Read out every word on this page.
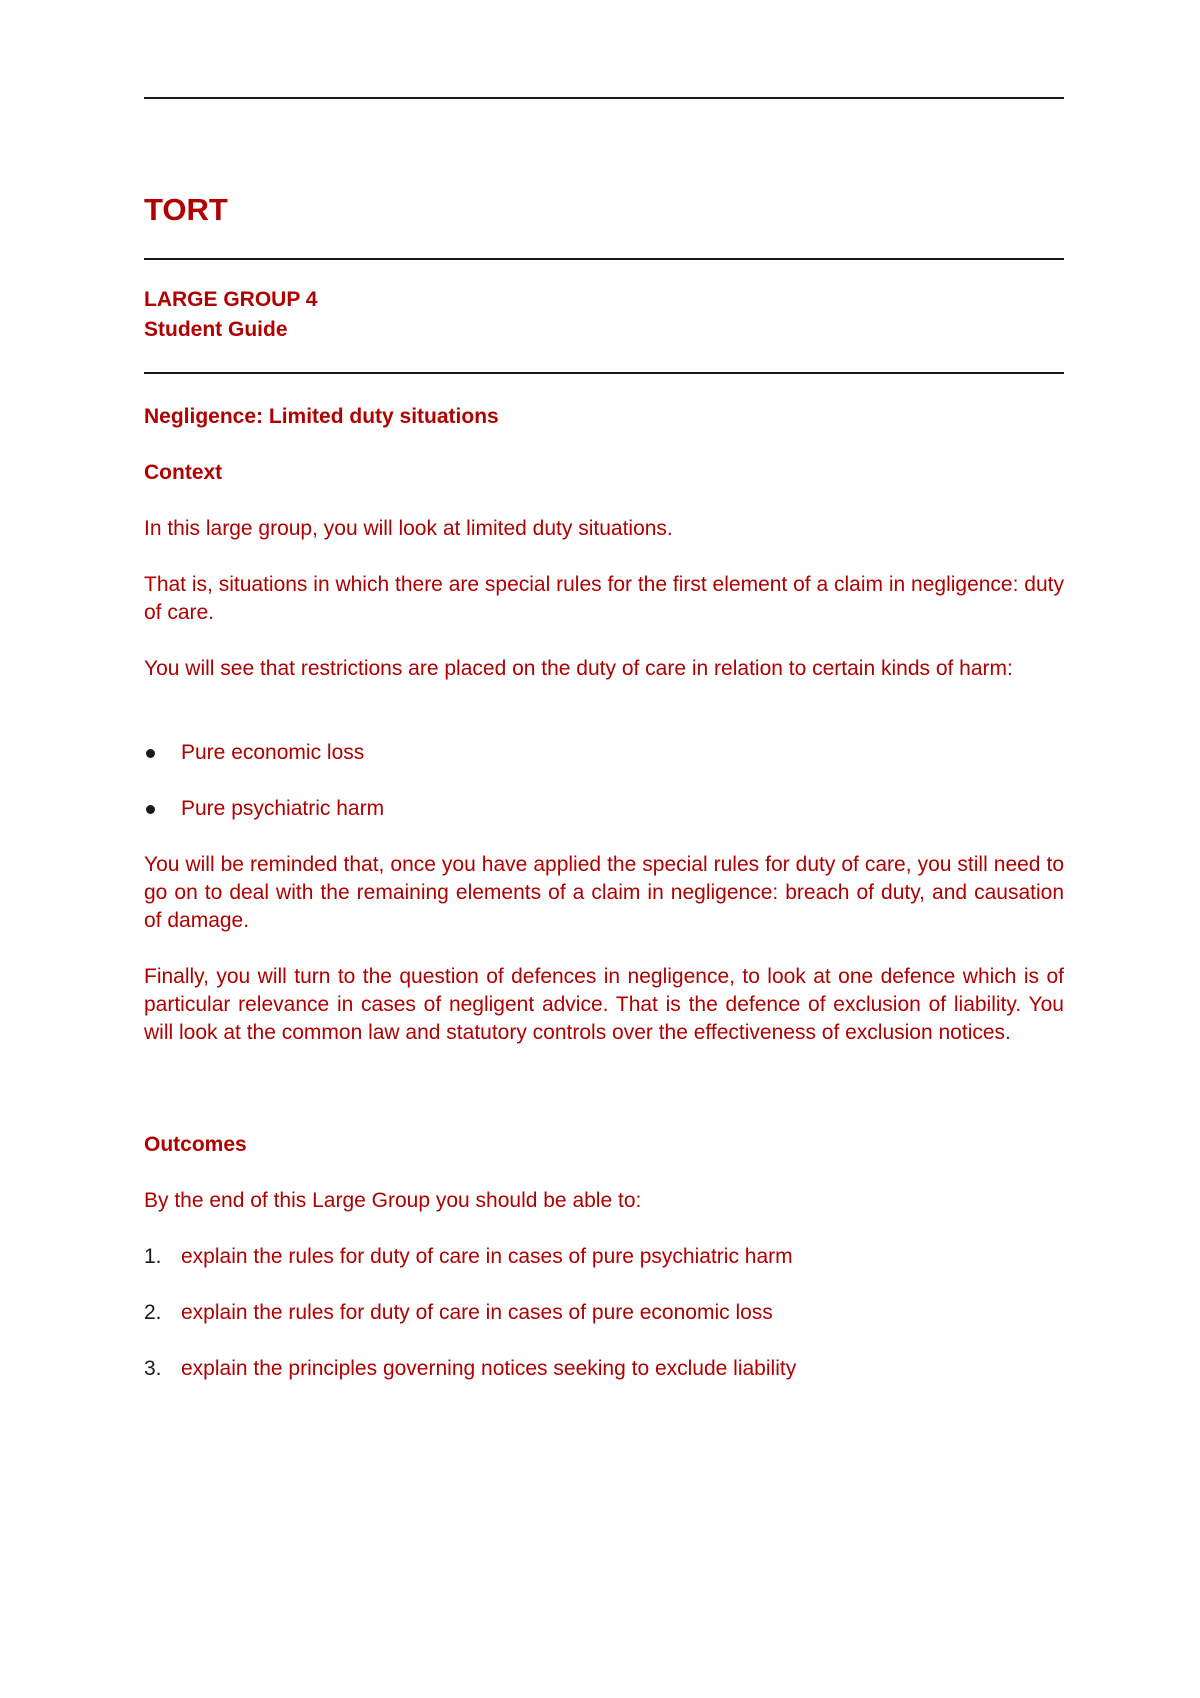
TORT
LARGE GROUP 4
Student Guide
Negligence: Limited duty situations
Context
In this large group, you will look at limited duty situations.
That is, situations in which there are special rules for the first element of a claim in negligence: duty of care.
You will see that restrictions are placed on the duty of care in relation to certain kinds of harm:
Pure economic loss
Pure psychiatric harm
You will be reminded that, once you have applied the special rules for duty of care, you still need to go on to deal with the remaining elements of a claim in negligence: breach of duty, and causation of damage.
Finally, you will turn to the question of defences in negligence, to look at one defence which is of particular relevance in cases of negligent advice. That is the defence of exclusion of liability. You will look at the common law and statutory controls over the effectiveness of exclusion notices.
Outcomes
By the end of this Large Group you should be able to:
1. explain the rules for duty of care in cases of pure psychiatric harm
2. explain the rules for duty of care in cases of pure economic loss
3. explain the principles governing notices seeking to exclude liability
